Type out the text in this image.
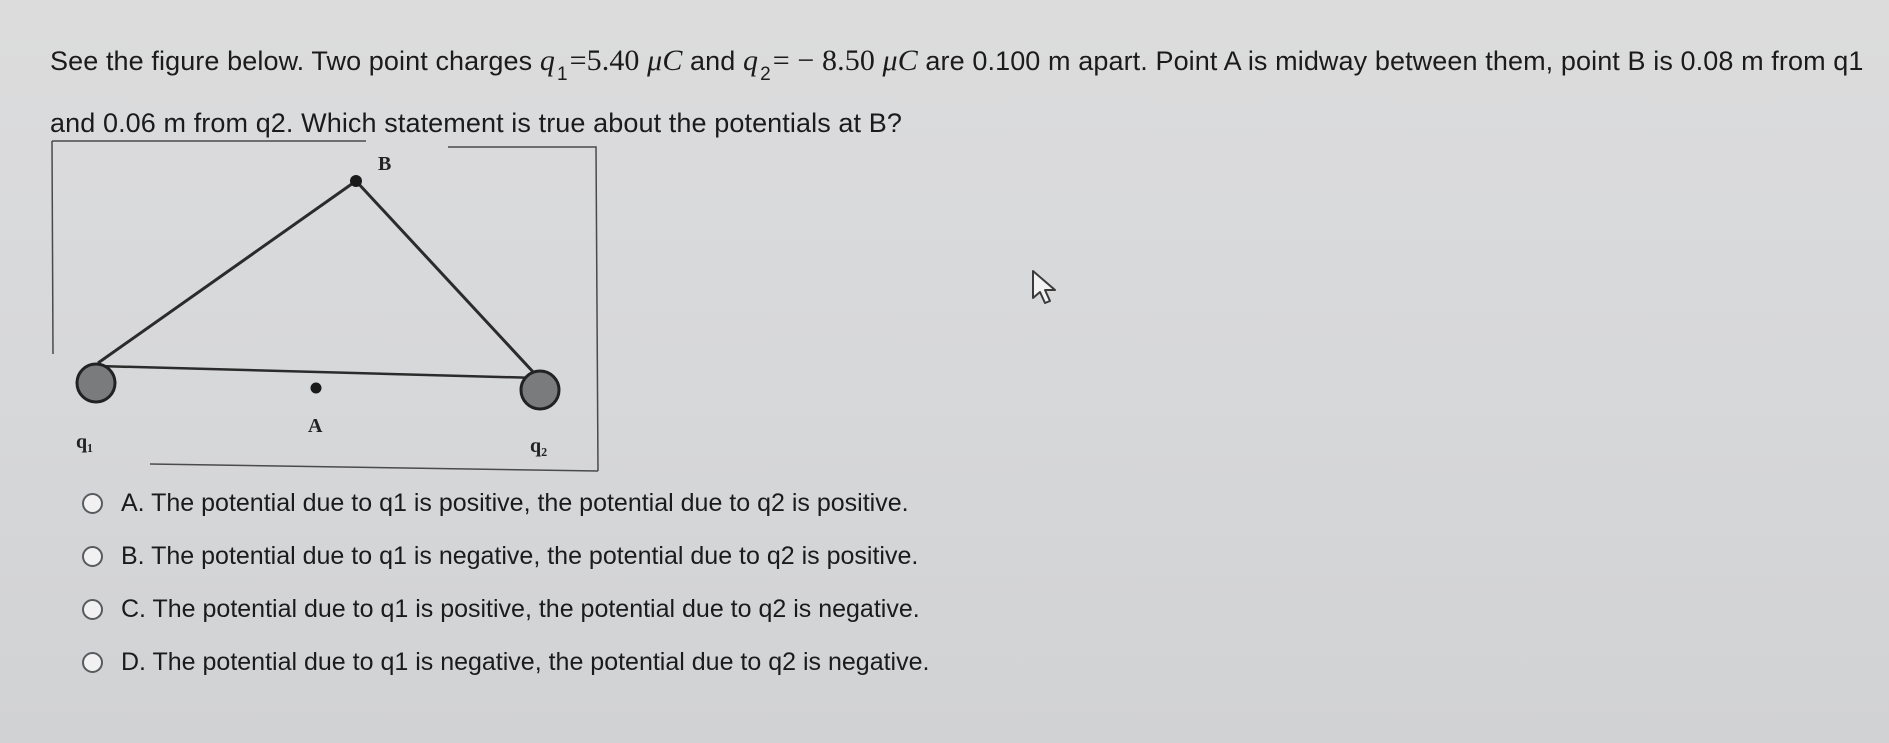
See the figure below. Two point charges q $_1$=5.40 μC and q $_2$= − 8.50 μC are 0.100 m apart. Point A is midway between them, point B is 0.08 m from q1 and 0.06 m from q2. Which statement is true about the potentials at B?
B
A
q₁	q₂
A. The potential due to q1 is positive, the potential due to q2 is positive.
B. The potential due to q1 is negative, the potential due to q2 is positive.
C. The potential due to q1 is positive, the potential due to q2 is negative.
D. The potential due to q1 is negative, the potential due to q2 is negative.
